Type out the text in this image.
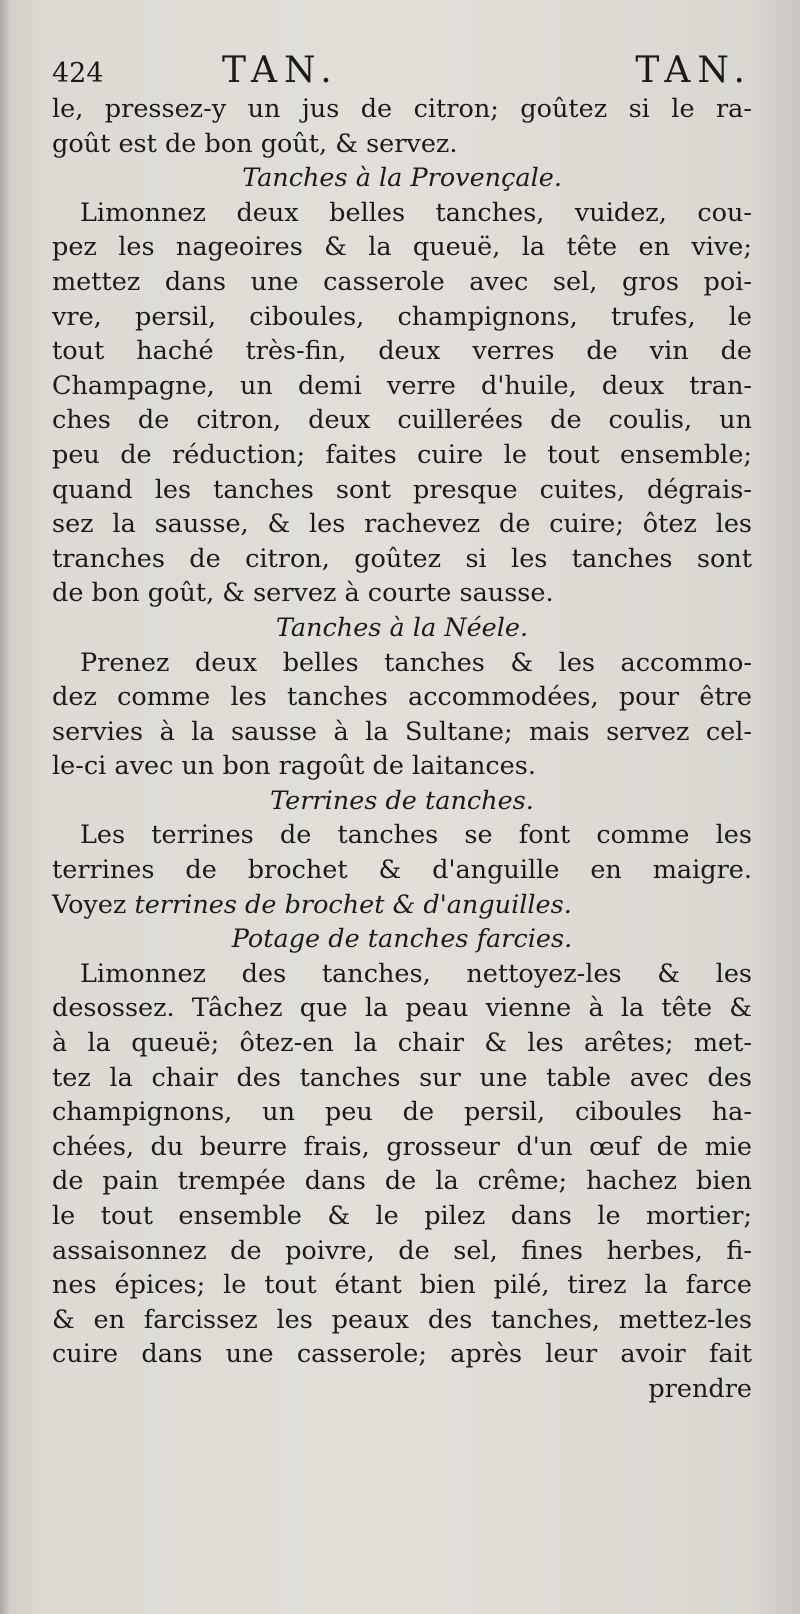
424	TAN.	TAN.
le, pressez-y un jus de citron; goûtez si le ra-
goût est de bon goût, & servez.
Tanches à la Provençale.
Limonnez deux belles tanches, vuidez, cou-
pez les nageoires & la queuë, la tête en vive;
mettez dans une casserole avec sel, gros poi-
vre, persil, ciboules, champignons, trufes, le
tout haché très-fin, deux verres de vin de
Champagne, un demi verre d'huile, deux tran-
ches de citron, deux cuillerées de coulis, un
peu de réduction; faites cuire le tout ensemble;
quand les tanches sont presque cuites, dégrais-
sez la sausse, & les rachevez de cuire; ôtez les
tranches de citron, goûtez si les tanches sont
de bon goût, & servez à courte sausse.
Tanches à la Néele.
Prenez deux belles tanches & les accommo-
dez comme les tanches accommodées, pour être
servies à la sausse à la Sultane; mais servez cel-
le-ci avec un bon ragoût de laitances.
Terrines de tanches.
Les terrines de tanches se font comme les
terrines de brochet & d'anguille en maigre.
Voyez terrines de brochet & d'anguilles.
Potage de tanches farcies.
Limonnez des tanches, nettoyez-les & les
desossez. Tâchez que la peau vienne à la tête &
à la queuë; ôtez-en la chair & les arêtes; met-
tez la chair des tanches sur une table avec des
champignons, un peu de persil, ciboules ha-
chées, du beurre frais, grosseur d'un œuf de mie
de pain trempée dans de la crême; hachez bien
le tout ensemble & le pilez dans le mortier;
assaisonnez de poivre, de sel, fines herbes, fi-
nes épices; le tout étant bien pilé, tirez la farce
& en farcissez les peaux des tanches, mettez-les
cuire dans une casserole; après leur avoir fait
prendre
